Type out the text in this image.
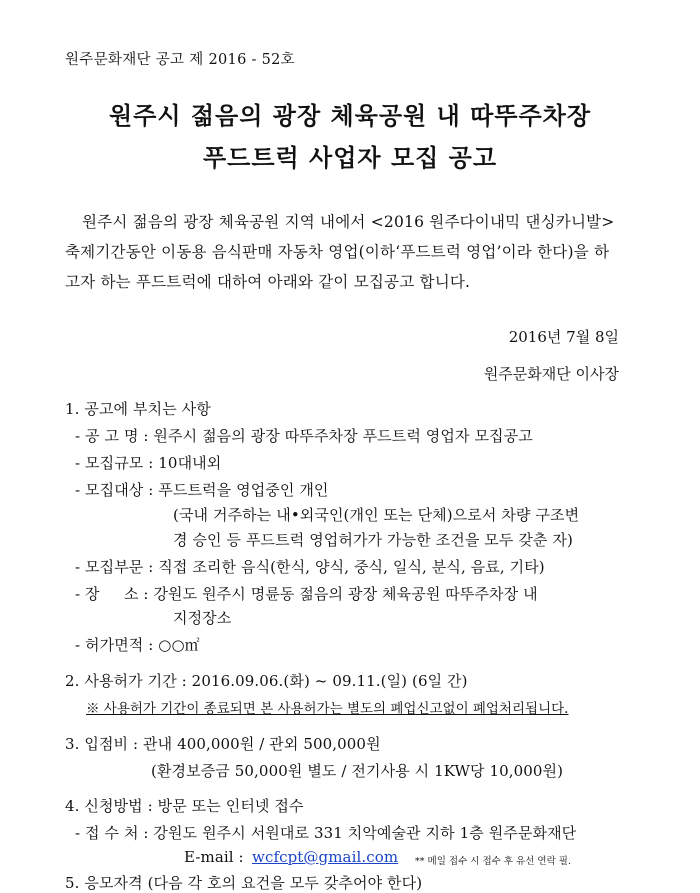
원주문화재단 공고 제 2016 - 52호
원주시 젊음의 광장 체육공원 내 따뚜주차장
푸드트럭 사업자 모집 공고
원주시 젊음의 광장 체육공원 지역 내에서 <2016 원주다이내믹 댄싱카니발>
축제기간동안 이동용 음식판매 자동차 영업(이하‘푸드트럭 영업’이라 한다)을 하
고자 하는 푸드트럭에 대하여 아래와 같이 모집공고 합니다.
2016년 7월 8일
원주문화재단 이사장
1. 공고에 부치는 사항
- 공 고 명 : 원주시 젊음의 광장 따뚜주차장 푸드트럭 영업자 모집공고
- 모집규모 : 10대내외
- 모집대상 : 푸드트럭을 영업중인 개인
(국내 거주하는 내•외국인(개인 또는 단체)으로서 차량 구조변
경 승인 등 푸드트럭 영업허가가 가능한 조건을 모두 갖춘 자)
- 모집부문 : 직접 조리한 음식(한식, 양식, 중식, 일식, 분식, 음료, 기타)
- 장     소 : 강원도 원주시 명륜동 젊음의 광장 체육공원 따뚜주차장 내
지정장소
- 허가면적 : ○○㎡
2. 사용허가 기간 : 2016.09.06.(화) ~ 09.11.(일) (6일 간)
※ 사용허가 기간이 종료되면 본 사용허가는 별도의 폐업신고없이 폐업처리됩니다.
3. 입점비 : 관내 400,000원 / 관외 500,000원
(환경보증금 50,000원 별도 / 전기사용 시 1KW당 10,000원)
4. 신청방법 : 방문 또는 인터넷 접수
- 접 수 처 : 강원도 원주시 서원대로 331 치악예술관 지하 1층 원주문화재단
E-mail : wcfcpt@gmail.com ** 메일 접수 시 접수 후 유선 연락 필.
5. 응모자격 (다음 각 호의 요건을 모두 갖추어야 한다)
